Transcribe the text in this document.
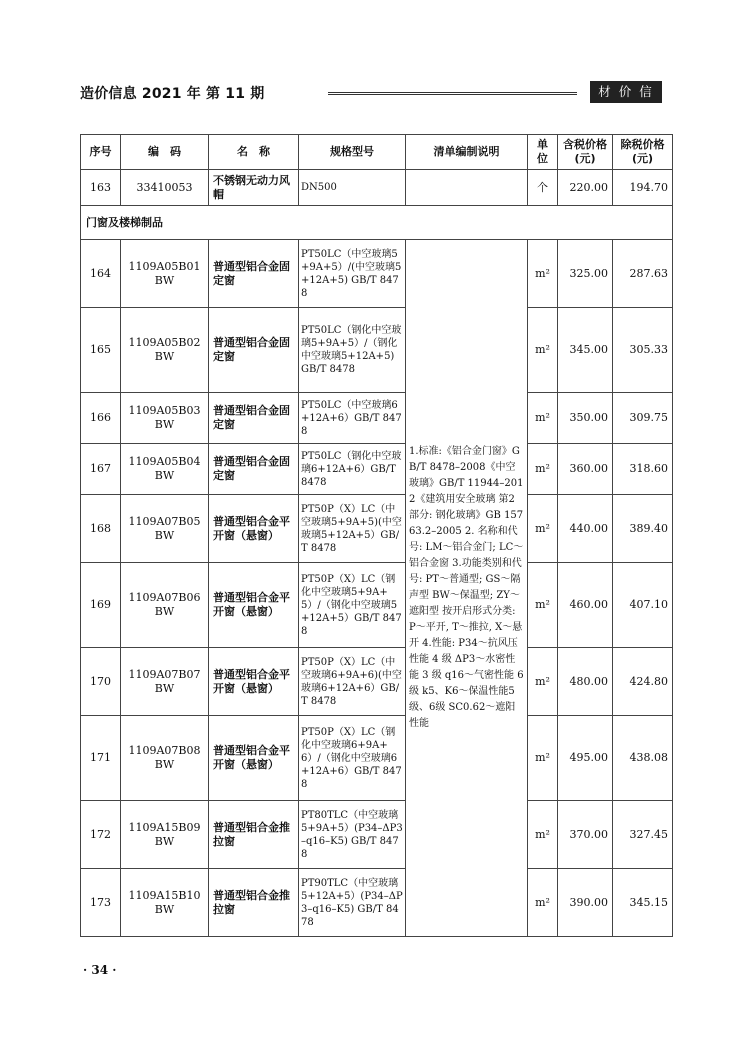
造价信息 2021 年 第 11 期	材 价 信 息
序号	编　码	名　称	规格型号	清单编制说明	单位	含税价格(元)	除税价格(元)
163	33410053	不锈钢无动力风帽	DN500		个	220.00	194.70
门窗及楼梯制品							
164	1109A05B01 BW	普通型铝合金固定窗	PT50LC（中空玻璃5+9A+5）/(中空玻璃5+12A+5) GB/T 8478	1.标准:《铝合金门窗》GB/T 8478–2008《中空玻璃》GB/T 11944–2012《建筑用安全玻璃 第2部分: 钢化玻璃》GB 15763.2–2005 2. 名称和代号: LM～铝合金门; LC～铝合金窗 3.功能类别和代号: PT～普通型; GS～隔声型 BW～保温型; ZY～遮阳型 按开启形式分类: P～平开, T～推拉, X～悬开 4.性能: P34～抗风压性能 4 级 ΔP3～水密性能 3 级 q16～气密性能 6 级 k5、K6～保温性能5级、6级 SC0.62～遮阳性能	m²	325.00	287.63
165	1109A05B02 BW	普通型铝合金固定窗	PT50LC（钢化中空玻璃5+9A+5）/（钢化中空玻璃5+12A+5) GB/T 8478		m²	345.00	305.33
166	1109A05B03 BW	普通型铝合金固定窗	PT50LC（中空玻璃6+12A+6）GB/T 8478		m²	350.00	309.75
167	1109A05B04 BW	普通型铝合金固定窗	PT50LC（钢化中空玻璃6+12A+6）GB/T 8478		m²	360.00	318.60
168	1109A07B05 BW	普通型铝合金平开窗（悬窗）	PT50P（X）LC（中空玻璃5+9A+5)(中空玻璃5+12A+5）GB/T 8478		m²	440.00	389.40
169	1109A07B06 BW	普通型铝合金平开窗（悬窗）	PT50P（X）LC（钢化中空玻璃5+9A+5）/（钢化中空玻璃5+12A+5）GB/T 8478		m²	460.00	407.10
170	1109A07B07 BW	普通型铝合金平开窗（悬窗）	PT50P（X）LC（中空玻璃6+9A+6)(中空玻璃6+12A+6）GB/T 8478		m²	480.00	424.80
171	1109A07B08 BW	普通型铝合金平开窗（悬窗）	PT50P（X）LC（钢化中空玻璃6+9A+6）/（钢化中空玻璃6+12A+6）GB/T 8478		m²	495.00	438.08
172	1109A15B09 BW	普通型铝合金推拉窗	PT80TLC（中空玻璃5+9A+5）(P34–ΔP3–q16–K5) GB/T 8478		m²	370.00	327.45
173	1109A15B10 BW	普通型铝合金推拉窗	PT90TLC（中空玻璃5+12A+5）(P34–ΔP3–q16–K5) GB/T 8478		m²	390.00	345.15
· 34 ·
